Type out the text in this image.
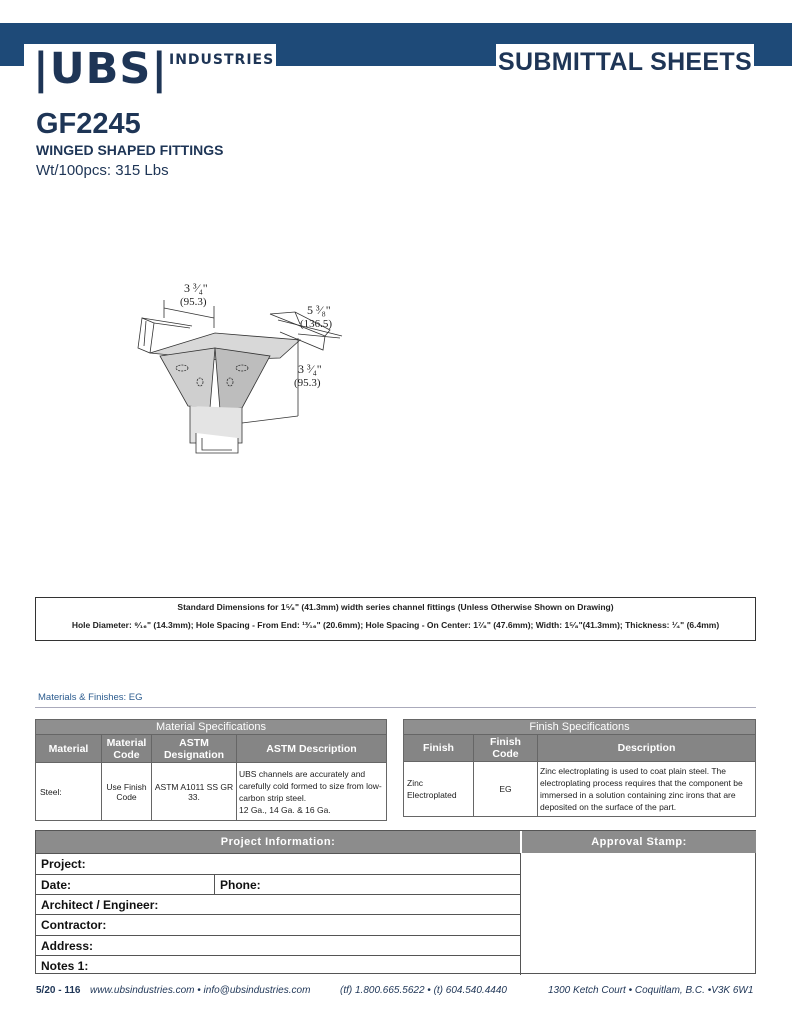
|UBS| INDUSTRIES	SUBMITTAL SHEETS
GF2245
WINGED SHAPED FITTINGS
Wt/100pcs: 315 Lbs
3 ³⁄₄"
(95.3)
5 ³⁄₈"
(136.5)
3 ³⁄₄"
(95.3)
Standard Dimensions for 1⁵⁄₈" (41.3mm) width series channel fittings (Unless Otherwise Shown on Drawing)
Hole Diameter: ⁹⁄₁₆" (14.3mm); Hole Spacing - From End: ¹³⁄₁₆" (20.6mm); Hole Spacing - On Center: 1⁷⁄₈" (47.6mm); Width: 1⁵⁄₈"(41.3mm); Thickness: ¹⁄₄" (6.4mm)
Materials & Finishes: EG
Material Specifications			
Material	Material Code	ASTM Designation	ASTM Description
Steel:	Use Finish Code	ASTM A1011 SS GR 33.	UBS channels are accurately and carefully cold formed to size from low-carbon strip steel.
12 Ga., 14 Ga. & 16 Ga.
Finish Specifications		
Finish	Finish Code	Description
Zinc Electroplated	EG	Zinc electroplating is used to coat plain steel. The electroplating process requires that the component be immersed in a solution containing zinc irons that are deposited on the surface of the part.
Project Information:	Approval Stamp:
Project:
Date:	Phone:
Architect / Engineer:
Contractor:
Address:
Notes 1:
5/20 - 116 www.ubsindustries.com • info@ubsindustries.com	(tf) 1.800.665.5622 • (t) 604.540.4440	1300 Ketch Court • Coquitlam, B.C. •V3K 6W1
